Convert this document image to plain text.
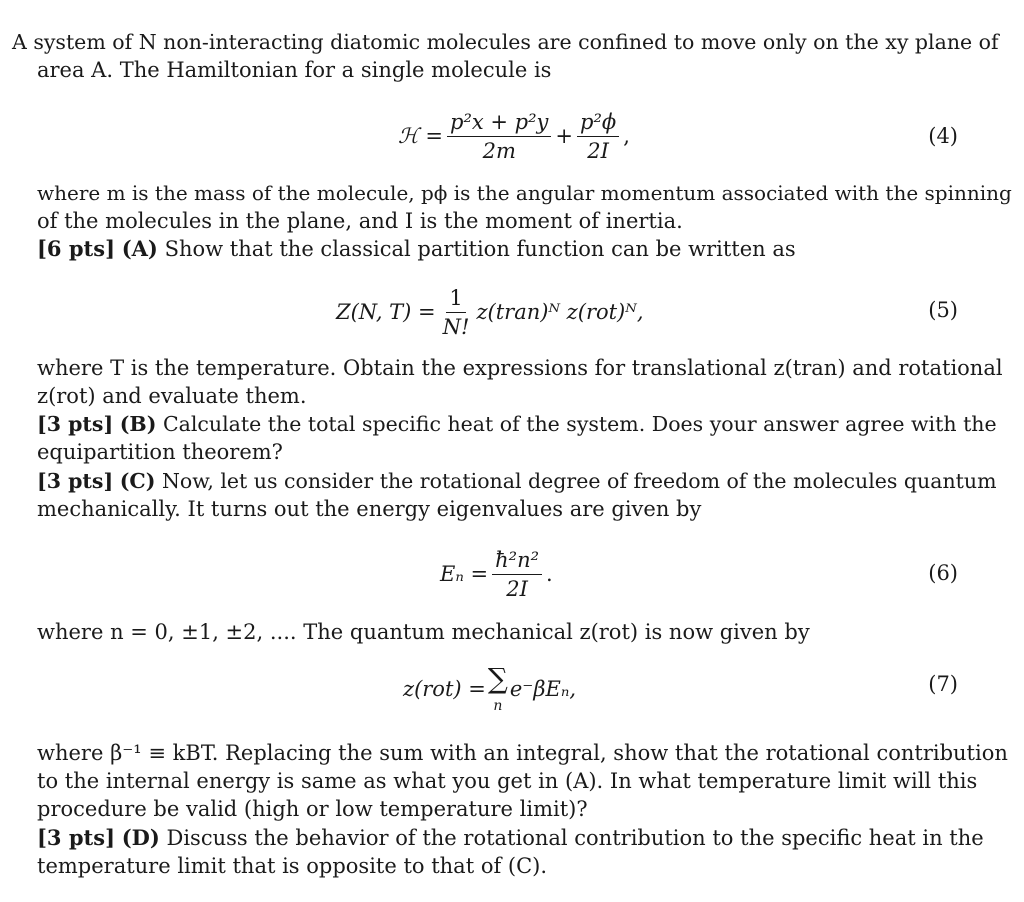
A system of N non-interacting diatomic molecules are confined to move only on the xy plane of
area A. The Hamiltonian for a single molecule is
ℋ = $\frac{\text{p²x + p²y}}{2m} + \frac{\text{p²ϕ}}{2I}$ ,	(4)
where m is the mass of the molecule, pϕ is the angular momentum associated with the spinning
of the molecules in the plane, and I is the moment of inertia.
[6 pts] (A) Show that the classical partition function can be written as
Z(N, $T) = \frac{1}{N!}$ z(tran)ᴺ z(rot)ᴺ,	(5)
where T is the temperature. Obtain the expressions for translational z(tran) and rotational
z(rot) and evaluate them.
[3 pts] (B) Calculate the total specific heat of the system. Does your answer agree with the
equipartition theorem?
[3 pts] (C) Now, let us consider the rotational degree of freedom of the molecules quantum
mechanically. It turns out the energy eigenvalues are given by
$E_n = \frac{\text{ħ²n²}}{2I}$ .	(6)
where n = 0, ±1, ±2, .... The quantum mechanical z(rot) is now given by
z(rot) = ∑
n
e⁻βEₙ,	(7)
where β⁻¹ ≡ kBT. Replacing the sum with an integral, show that the rotational contribution
to the internal energy is same as what you get in (A). In what temperature limit will this
procedure be valid (high or low temperature limit)?
[3 pts] (D) Discuss the behavior of the rotational contribution to the specific heat in the
temperature limit that is opposite to that of (C).
